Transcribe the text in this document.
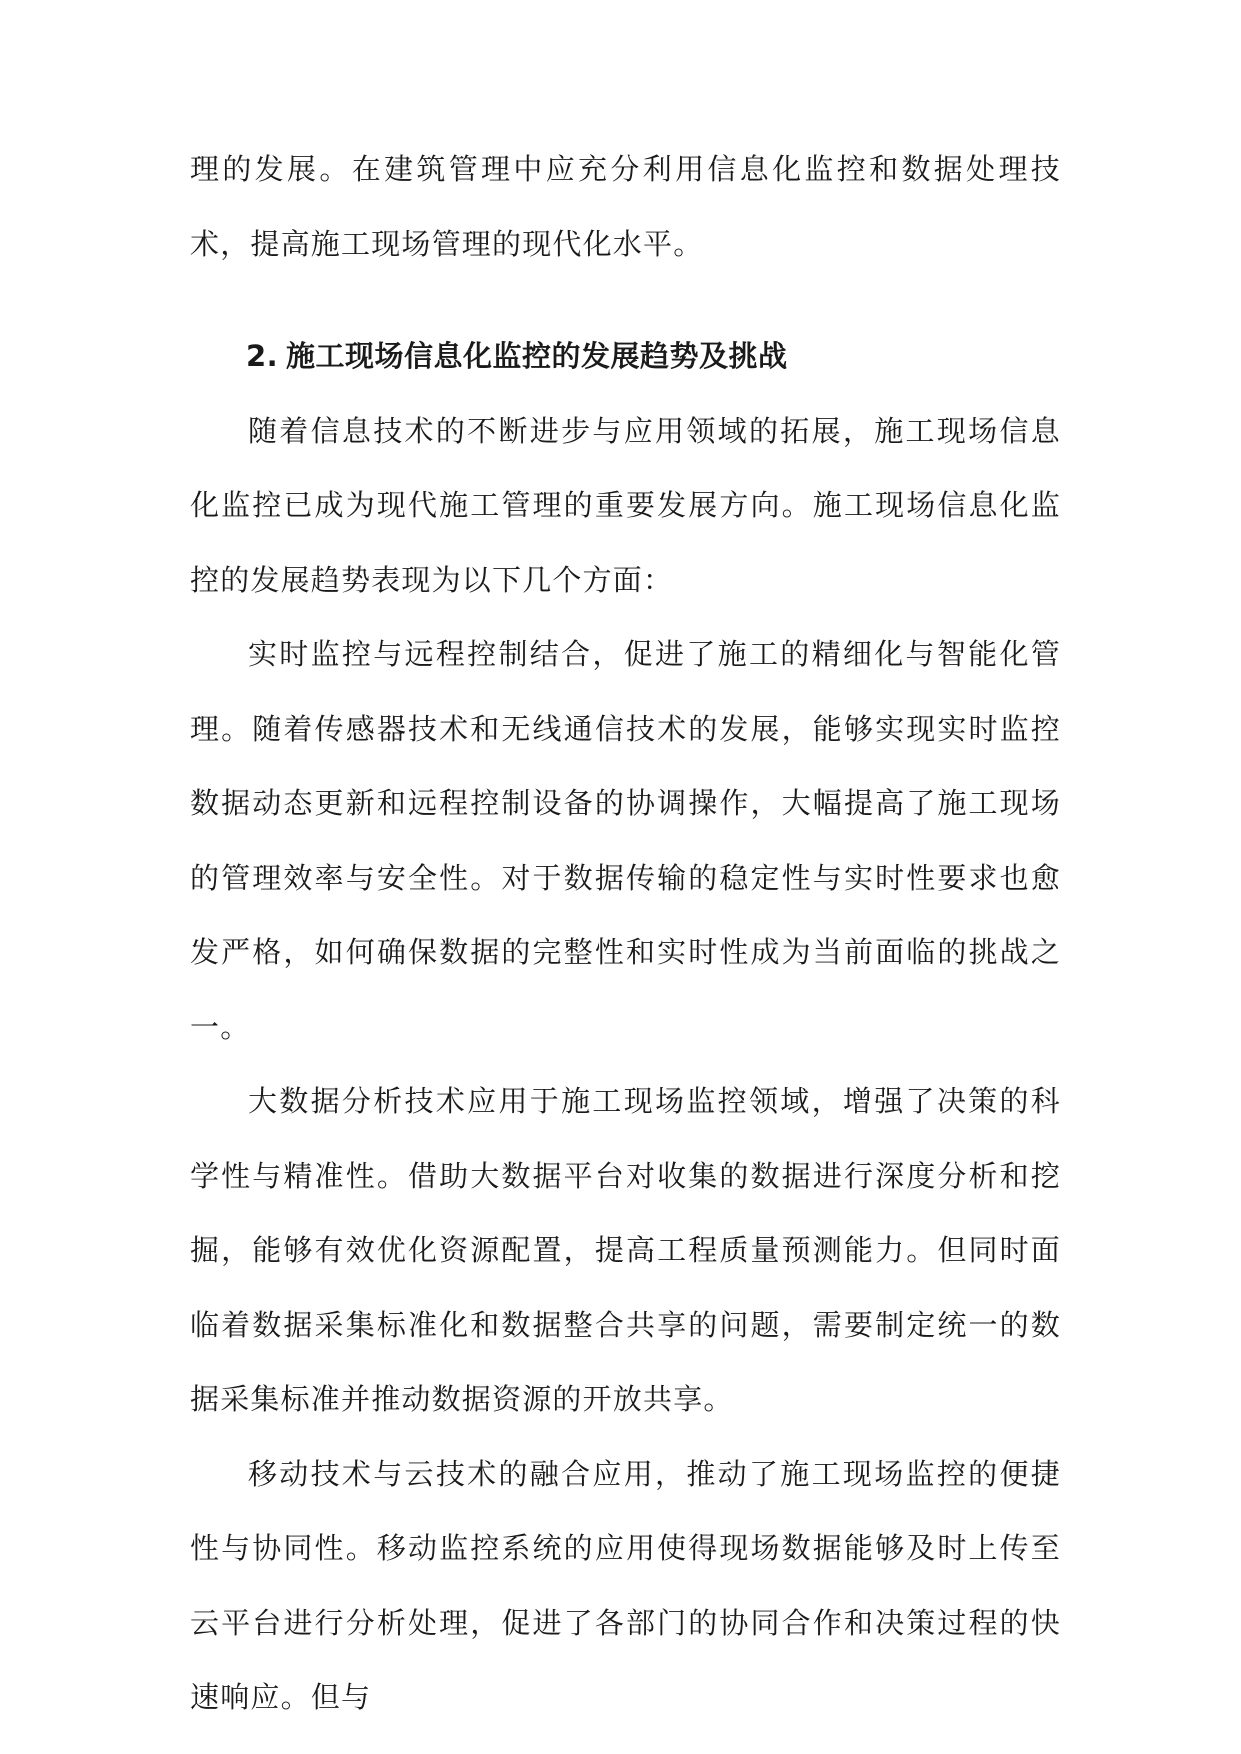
理的发展。在建筑管理中应充分利用信息化监控和数据处理技术，提高施工现场管理的现代化水平。

2. 施工现场信息化监控的发展趋势及挑战

随着信息技术的不断进步与应用领域的拓展，施工现场信息化监控已成为现代施工管理的重要发展方向。施工现场信息化监控的发展趋势表现为以下几个方面：

实时监控与远程控制结合，促进了施工的精细化与智能化管理。随着传感器技术和无线通信技术的发展，能够实现实时监控数据动态更新和远程控制设备的协调操作，大幅提高了施工现场的管理效率与安全性。对于数据传输的稳定性与实时性要求也愈发严格，如何确保数据的完整性和实时性成为当前面临的挑战之一。

大数据分析技术应用于施工现场监控领域，增强了决策的科学性与精准性。借助大数据平台对收集的数据进行深度分析和挖掘，能够有效优化资源配置，提高工程质量预测能力。但同时面临着数据采集标准化和数据整合共享的问题，需要制定统一的数据采集标准并推动数据资源的开放共享。

移动技术与云技术的融合应用，推动了施工现场监控的便捷性与协同性。移动监控系统的应用使得现场数据能够及时上传至云平台进行分析处理，促进了各部门的协同合作和决策过程的快速响应。但与
